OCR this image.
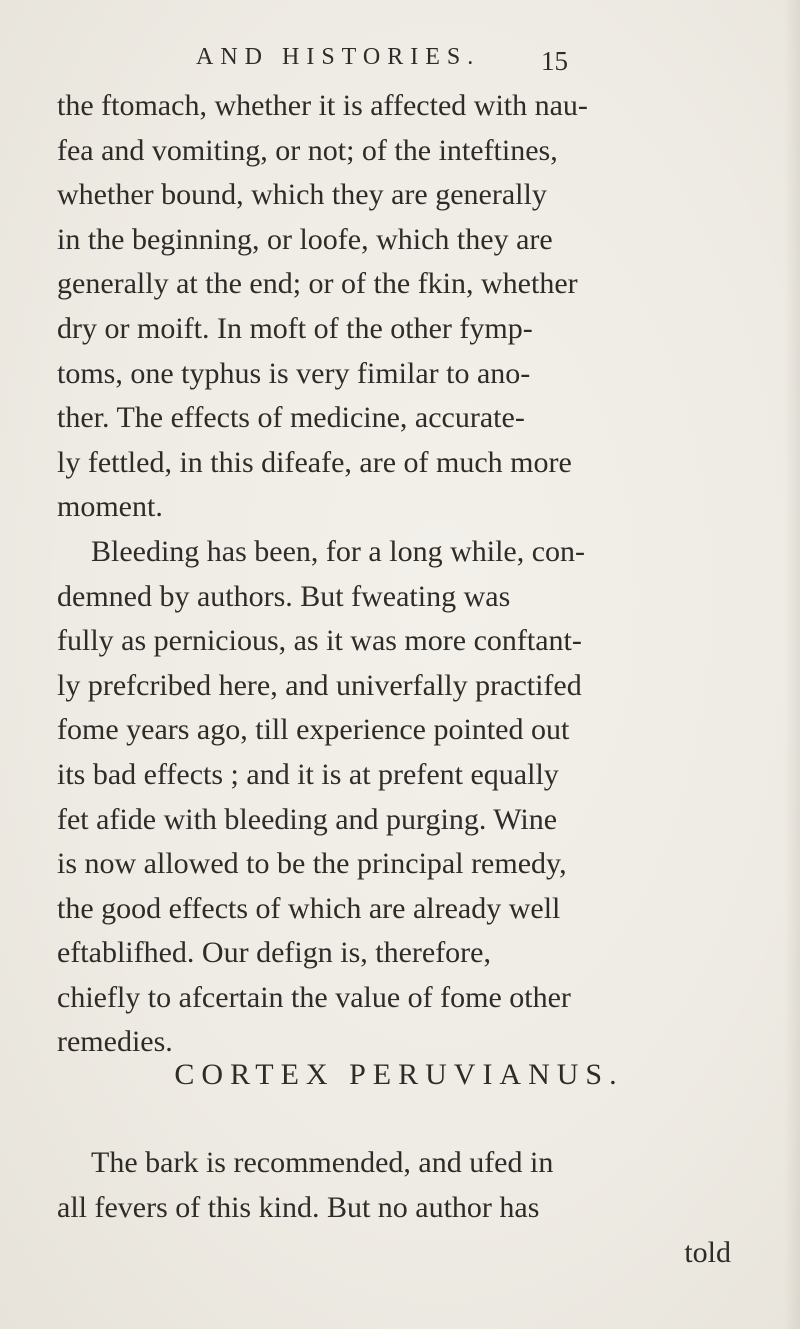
AND HISTORIES. 15
the ftomach, whether it is affected with nau-
fea and vomiting, or not; of the inteftines,
whether bound, which they are generally
in the beginning, or loofe, which they are
generally at the end; or of the fkin, whether
dry or moift. In moft of the other fymp-
toms, one typhus is very fimilar to ano-
ther. The effects of medicine, accurate-
ly fettled, in this difeafe, are of much more
moment.
Bleeding has been, for a long while, con-
demned by authors. But fweating was
fully as pernicious, as it was more conftant-
ly prefcribed here, and univerfally practifed
fome years ago, till experience pointed out
its bad effects ; and it is at prefent equally
fet afide with bleeding and purging. Wine
is now allowed to be the principal remedy,
the good effects of which are already well
eftablifhed. Our defign is, therefore,
chiefly to afcertain the value of fome other
remedies.
CORTEX PERUVIANUS.
The bark is recommended, and ufed in
all fevers of this kind. But no author has
told
